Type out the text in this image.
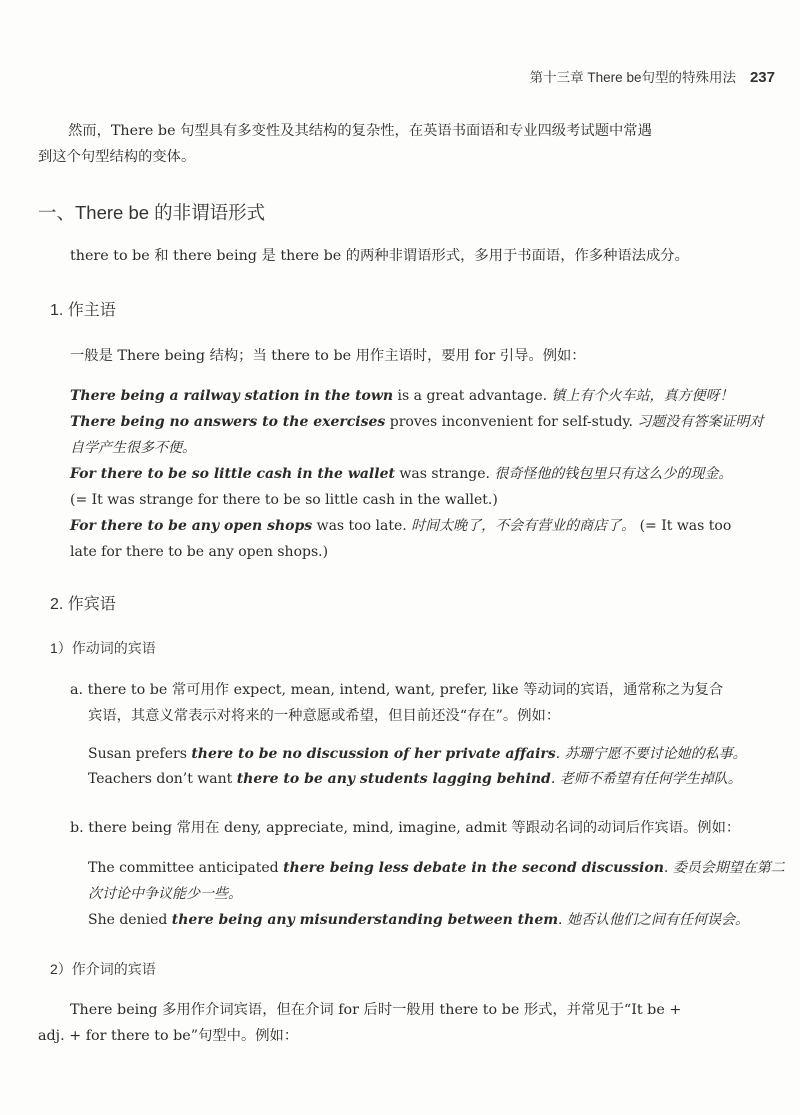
第十三章 There be句型的特殊用法 237
然而，There be 句型具有多变性及其结构的复杂性，在英语书面语和专业四级考试题中常遇
到这个句型结构的变体。
一、There be 的非谓语形式
there to be 和 there being 是 there be 的两种非谓语形式，多用于书面语，作多种语法成分。
1. 作主语
一般是 There being 结构；当 there to be 用作主语时，要用 for 引导。例如：
There being a railway station in the town is a great advantage. 镇上有个火车站，真方便呀！
There being no answers to the exercises proves inconvenient for self-study. 习题没有答案证明对
自学产生很多不便。
For there to be so little cash in the wallet was strange. 很奇怪他的钱包里只有这么少的现金。
(= It was strange for there to be so little cash in the wallet.)
For there to be any open shops was too late. 时间太晚了，不会有营业的商店了。 (= It was too
late for there to be any open shops.)
2. 作宾语
1）作动词的宾语
a. there to be 常可用作 expect, mean, intend, want, prefer, like 等动词的宾语，通常称之为复合
宾语，其意义常表示对将来的一种意愿或希望，但目前还没“存在”。例如：
Susan prefers there to be no discussion of her private affairs. 苏珊宁愿不要讨论她的私事。
Teachers don’t want there to be any students lagging behind. 老师不希望有任何学生掉队。
b. there being 常用在 deny, appreciate, mind, imagine, admit 等跟动名词的动词后作宾语。例如：
The committee anticipated there being less debate in the second discussion. 委员会期望在第二
次讨论中争议能少一些。
She denied there being any misunderstanding between them. 她否认他们之间有任何误会。
2）作介词的宾语
There being 多用作介词宾语，但在介词 for 后时一般用 there to be 形式，并常见于“It be +
adj. + for there to be”句型中。例如：
